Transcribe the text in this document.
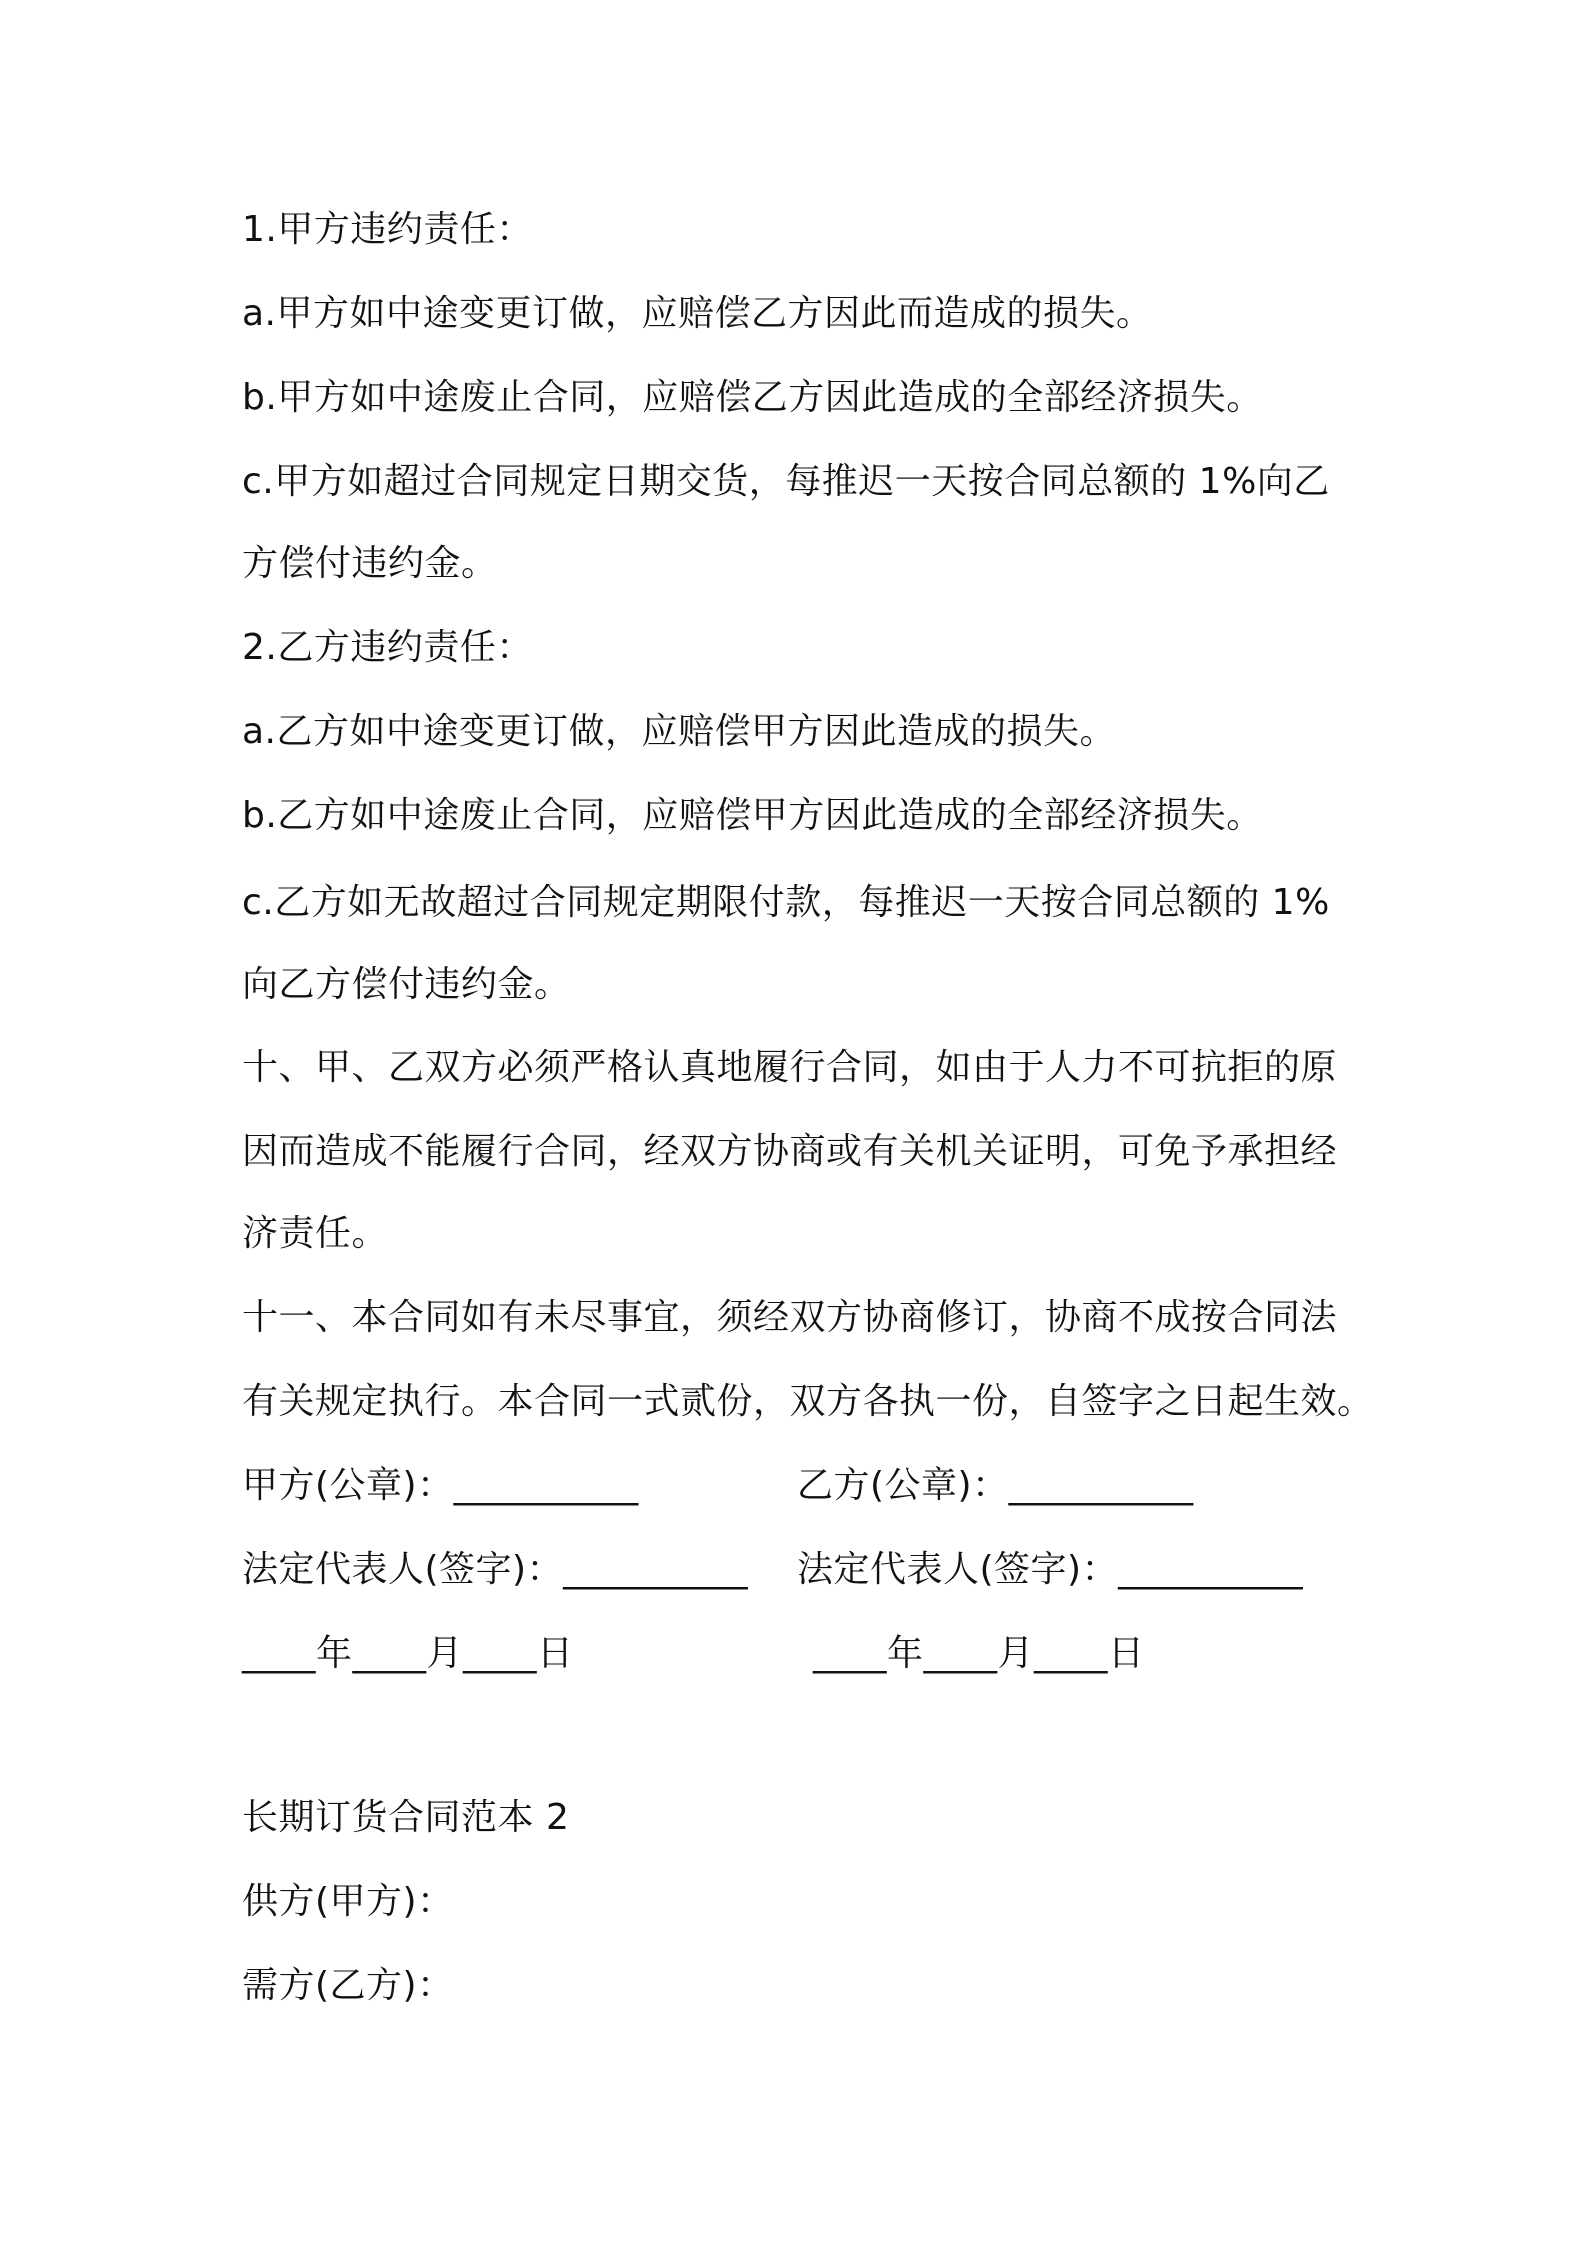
1.甲方违约责任：
a.甲方如中途变更订做，应赔偿乙方因此而造成的损失。
b.甲方如中途废止合同，应赔偿乙方因此造成的全部经济损失。
c.甲方如超过合同规定日期交货，每推迟一天按合同总额的 1%向乙
方偿付违约金。
2.乙方违约责任：
a.乙方如中途变更订做，应赔偿甲方因此造成的损失。
b.乙方如中途废止合同，应赔偿甲方因此造成的全部经济损失。
c.乙方如无故超过合同规定期限付款，每推迟一天按合同总额的 1%
向乙方偿付违约金。
十、甲、乙双方必须严格认真地履行合同，如由于人力不可抗拒的原
因而造成不能履行合同，经双方协商或有关机关证明，可免予承担经
济责任。
十一、本合同如有未尽事宜，须经双方协商修订，协商不成按合同法
有关规定执行。本合同一式贰份，双方各执一份，自签字之日起生效。
甲方(公章)：__________	乙方(公章)：__________
法定代表人(签字)：__________ 法定代表人(签字)：__________
____年____月____日	____年____月____日
长期订货合同范本 2
供方(甲方)：
需方(乙方)：
